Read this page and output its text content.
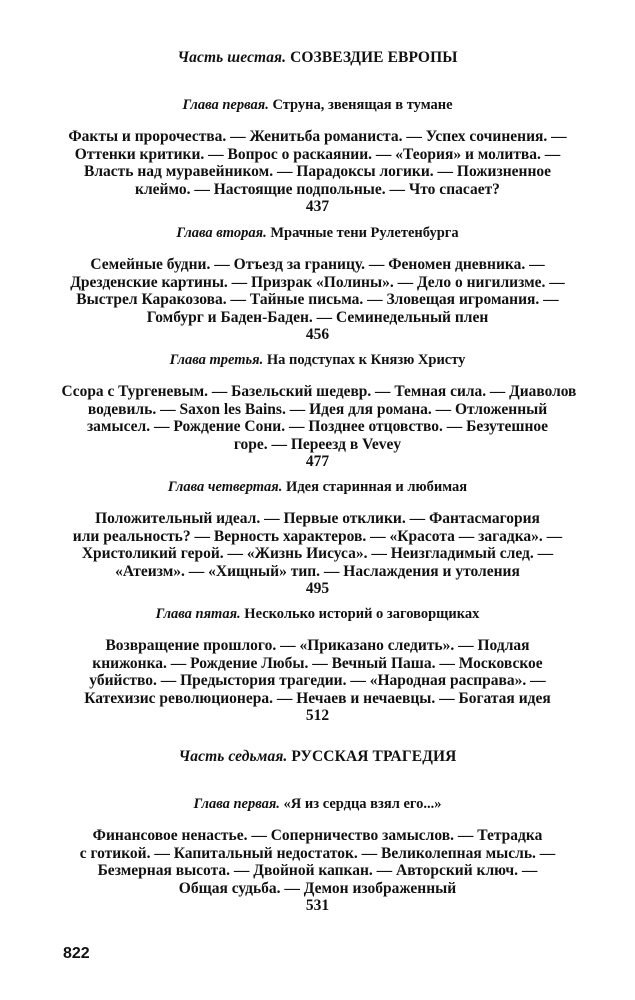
Часть шестая. СОЗВЕЗДИЕ ЕВРОПЫ
Глава первая. Струна, звенящая в тумане
Факты и пророчества. — Женитьба романиста. — Успех сочинения. —
Оттенки критики. — Вопрос о раскаянии. — «Теория» и молитва. —
Власть над муравейником. — Парадоксы логики. — Пожизненное
клеймо. — Настоящие подпольные. — Что спасает?
437
Глава вторая. Мрачные тени Рулетенбурга
Семейные будни. — Отъезд за границу. — Феномен дневника. —
Дрезденские картины. — Призрак «Полины». — Дело о нигилизме. —
Выстрел Каракозова. — Тайные письма. — Зловещая игромания. —
Гомбург и Баден-Баден. — Семинедельный плен
456
Глава третья. На подступах к Князю Христу
Ссора с Тургеневым. — Базельский шедевр. — Темная сила. — Диаволов
водевиль. — Saxon les Bains. — Идея для романа. — Отложенный
замысел. — Рождение Сони. — Позднее отцовство. — Безутешное
горе. — Переезд в Vevey
477
Глава четвертая. Идея старинная и любимая
Положительный идеал. — Первые отклики. — Фантасмагория
или реальность? — Верность характеров. — «Красота — загадка». —
Христоликий герой. — «Жизнь Иисуса». — Неизгладимый след. —
«Атеизм». — «Хищный» тип. — Наслаждения и утоления
495
Глава пятая. Несколько историй о заговорщиках
Возвращение прошлого. — «Приказано следить». — Подлая
книжонка. — Рождение Любы. — Вечный Паша. — Московское
убийство. — Предыстория трагедии. — «Народная расправа». —
Катехизис революционера. — Нечаев и нечаевцы. — Богатая идея
512
Часть седьмая. РУССКАЯ ТРАГЕДИЯ
Глава первая. «Я из сердца взял его...»
Финансовое ненастье. — Соперничество замыслов. — Тетрадка
с готикой. — Капитальный недостаток. — Великолепная мысль. —
Безмерная высота. — Двойной капкан. — Авторский ключ. —
Общая судьба. — Демон изображенный
531
822
